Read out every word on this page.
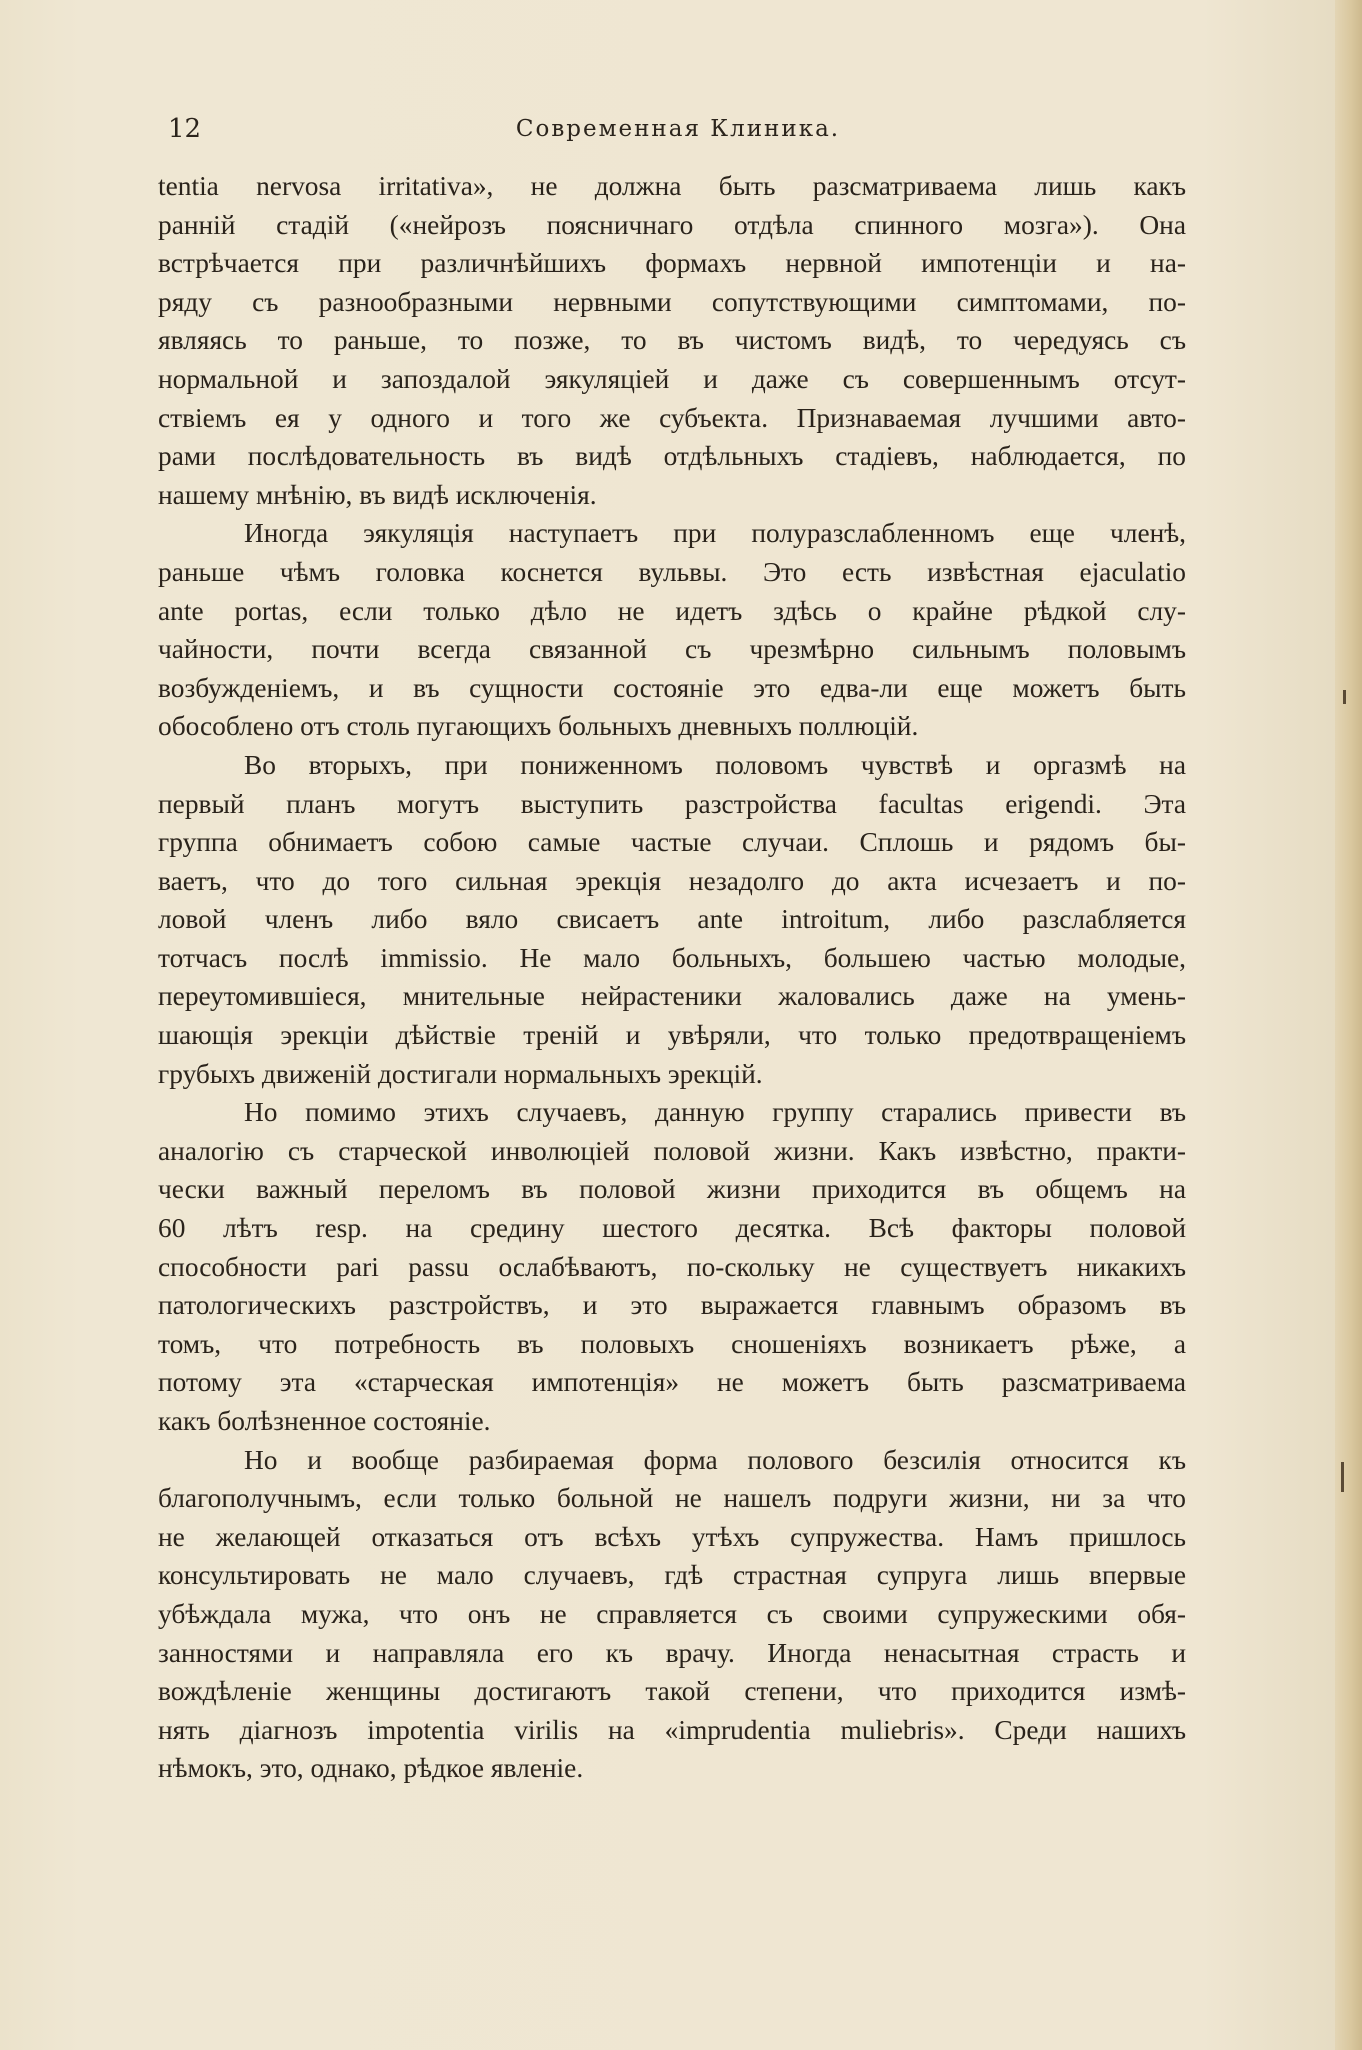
12	Современная Клиника.

tentia nervosa irritativa», не должна быть разсматриваема лишь какъ

ранній стадій («нейрозъ поясничнаго отдѣла спинного мозга»). Она

встрѣчается при различнѣйшихъ формахъ нервной импотенціи и на-

ряду съ разнообразными нервными сопутствующими симптомами, по-

являясь то раньше, то позже, то въ чистомъ видѣ, то чередуясь съ

нормальной и запоздалой эякуляціей и даже съ совершеннымъ отсут-

ствіемъ ея у одного и того же субъекта. Признаваемая лучшими авто-

рами послѣдовательность въ видѣ отдѣльныхъ стадіевъ, наблюдается, по

нашему мнѣнію, въ видѣ исключенія.

Иногда эякуляція наступаетъ при полуразслабленномъ еще членѣ,

раньше чѣмъ головка коснется вульвы. Это есть извѣстная ejaculatio

ante portas, если только дѣло не идетъ здѣсь о крайне рѣдкой слу-

чайности, почти всегда связанной съ чрезмѣрно сильнымъ половымъ

возбужденіемъ, и въ сущности состояніе это едва-ли еще можетъ быть

обособлено отъ столь пугающихъ больныхъ дневныхъ поллюцій.

Во вторыхъ, при пониженномъ половомъ чувствѣ и оргазмѣ на

первый планъ могутъ выступить разстройства facultas erigendi. Эта

группа обнимаетъ собою самые частые случаи. Сплошь и рядомъ бы-

ваетъ, что до того сильная эрекція незадолго до акта исчезаетъ и по-

ловой членъ либо вяло свисаетъ ante introitum, либо разслабляется

тотчасъ послѣ immissio. Не мало больныхъ, большею частью молодые,

переутомившіеся, мнительные нейрастеники жаловались даже на умень-

шающія эрекціи дѣйствіе треній и увѣряли, что только предотвращеніемъ

грубыхъ движеній достигали нормальныхъ эрекцій.

Но помимо этихъ случаевъ, данную группу старались привести въ

аналогію съ старческой инволюціей половой жизни. Какъ извѣстно, практи-

чески важный переломъ въ половой жизни приходится въ общемъ на

60 лѣтъ resp. на средину шестого десятка. Всѣ факторы половой

способности pari passu ослабѣваютъ, по-скольку не существуетъ никакихъ

патологическихъ разстройствъ, и это выражается главнымъ образомъ въ

томъ, что потребность въ половыхъ сношеніяхъ возникаетъ рѣже, а

потому эта «старческая импотенція» не можетъ быть разсматриваема

какъ болѣзненное состояніе.

Но и вообще разбираемая форма полового безсилія относится къ

благополучнымъ, если только больной не нашелъ подруги жизни, ни за что

не желающей отказаться отъ всѣхъ утѣхъ супружества. Намъ пришлось

консультировать не мало случаевъ, гдѣ страстная супруга лишь впервые

убѣждала мужа, что онъ не справляется съ своими супружескими обя-

занностями и направляла его къ врачу. Иногда ненасытная страсть и

вождѣленіе женщины достигаютъ такой степени, что приходится измѣ-

нять діагнозъ impotentia virilis на «imprudentia muliebris». Среди нашихъ

нѣмокъ, это, однако, рѣдкое явленіе.
